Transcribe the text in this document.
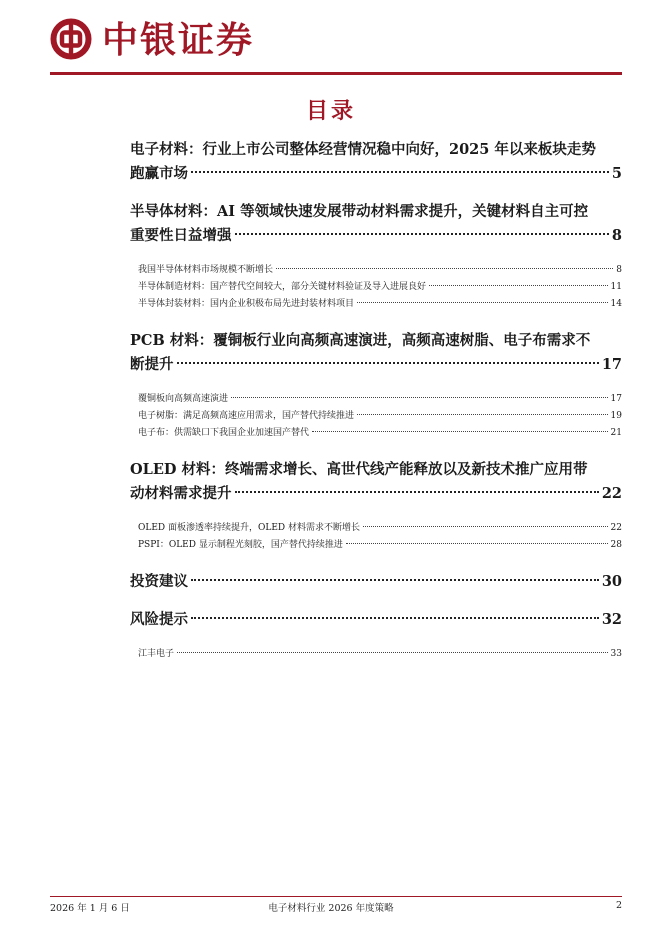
中银证券
目录
电子材料：行业上市公司整体经营情况稳中向好，2025 年以来板块走势
跑赢市场	5
半导体材料：AI 等领域快速发展带动材料需求提升，关键材料自主可控
重要性日益增强	8
我国半导体材料市场规模不断增长	8
半导体制造材料：国产替代空间较大，部分关键材料验证及导入进展良好	11
半导体封装材料：国内企业积极布局先进封装材料项目	14
PCB 材料：覆铜板行业向高频高速演进，高频高速树脂、电子布需求不
断提升	17
覆铜板向高频高速演进	17
电子树脂：满足高频高速应用需求，国产替代持续推进	19
电子布：供需缺口下我国企业加速国产替代	21
OLED 材料：终端需求增长、高世代线产能释放以及新技术推广应用带
动材料需求提升	22
OLED 面板渗透率持续提升，OLED 材料需求不断增长	22
PSPI：OLED 显示制程光刻胶，国产替代持续推进	28
投资建议	30
风险提示	32
江丰电子	33
2026 年 1 月 6 日	电子材料行业 2026 年度策略	2
